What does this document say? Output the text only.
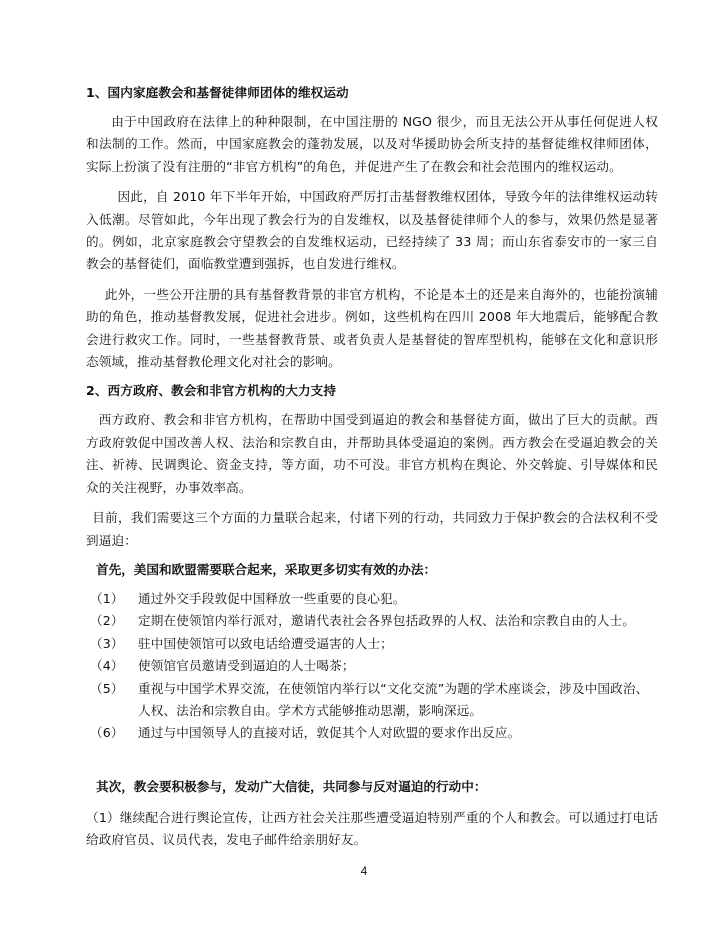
1、国内家庭教会和基督徒律师团体的维权运动

由于中国政府在法律上的种种限制，在中国注册的 NGO 很少，而且无法公开从事任何促进人权和法制的工作。然而，中国家庭教会的蓬勃发展，以及对华援助协会所支持的基督徒维权律师团体，实际上扮演了没有注册的“非官方机构”的角色，并促进产生了在教会和社会范围内的维权运动。

因此，自 2010 年下半年开始，中国政府严厉打击基督教维权团体，导致今年的法律维权运动转入低潮。尽管如此，今年出现了教会行为的自发维权，以及基督徒律师个人的参与，效果仍然是显著的。例如，北京家庭教会守望教会的自发维权运动，已经持续了 33 周；而山东省泰安市的一家三自教会的基督徒们，面临教堂遭到强拆，也自发进行维权。

此外，一些公开注册的具有基督教背景的非官方机构，不论是本土的还是来自海外的，也能扮演辅助的角色，推动基督教发展，促进社会进步。例如，这些机构在四川 2008 年大地震后，能够配合教会进行救灾工作。同时，一些基督教背景、或者负责人是基督徒的智库型机构，能够在文化和意识形态领域，推动基督教伦理文化对社会的影响。

2、西方政府、教会和非官方机构的大力支持

西方政府、教会和非官方机构，在帮助中国受到逼迫的教会和基督徒方面，做出了巨大的贡献。西方政府敦促中国改善人权、法治和宗教自由，并帮助具体受逼迫的案例。西方教会在受逼迫教会的关注、祈祷、民调舆论、资金支持，等方面，功不可没。非官方机构在舆论、外交斡旋、引导媒体和民众的关注视野，办事效率高。

目前，我们需要这三个方面的力量联合起来，付诸下列的行动，共同致力于保护教会的合法权利不受到逼迫：

首先，美国和欧盟需要联合起来，采取更多切实有效的办法：
（1）	通过外交手段敦促中国释放一些重要的良心犯。
（2）	定期在使领馆内举行派对，邀请代表社会各界包括政界的人权、法治和宗教自由的人士。
（3）	驻中国使领馆可以致电话给遭受逼害的人士；
（4）	使领馆官员邀请受到逼迫的人士喝茶；
（5）	重视与中国学术界交流，在使领馆内举行以“文化交流”为题的学术座谈会，涉及中国政治、人权、法治和宗教自由。学术方式能够推动思潮，影响深远。
（6）	通过与中国领导人的直接对话，敦促其个人对欧盟的要求作出反应。
其次，教会要积极参与，发动广大信徒，共同参与反对逼迫的行动中：

（1）继续配合进行舆论宣传，让西方社会关注那些遭受逼迫特别严重的个人和教会。可以通过打电话给政府官员、议员代表，发电子邮件给亲朋好友。

4
